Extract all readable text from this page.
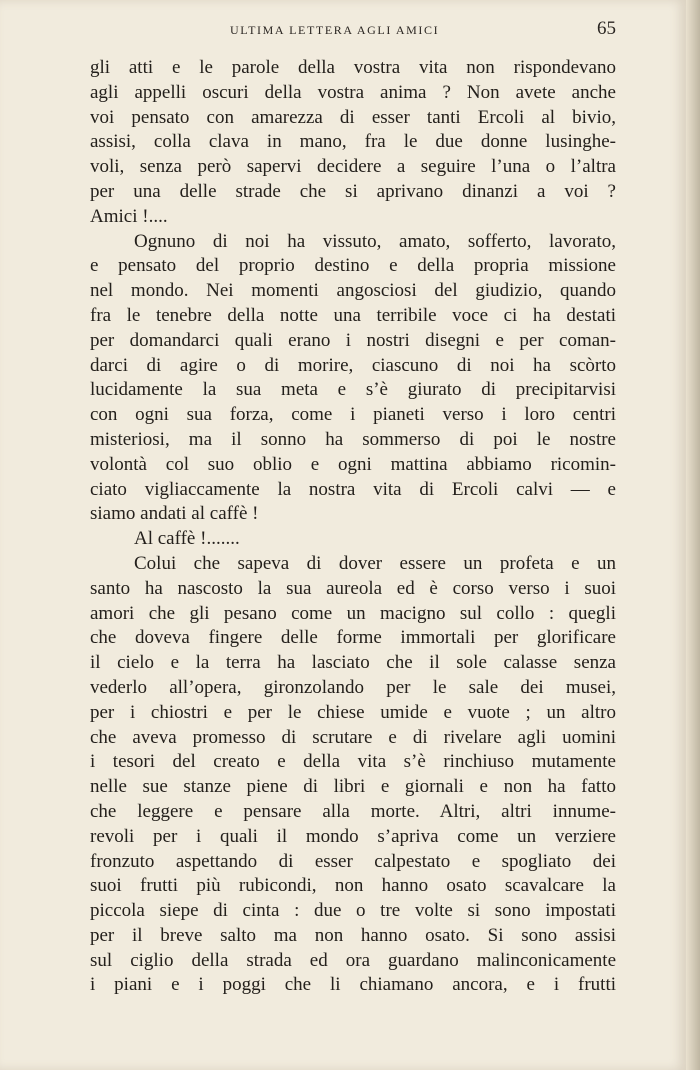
ULTIMA LETTERA AGLI AMICI	65
gli atti e le parole della vostra vita non rispondevano
agli appelli oscuri della vostra anima ? Non avete anche
voi pensato con amarezza di esser tanti Ercoli al bivio,
assisi, colla clava in mano, fra le due donne lusinghe-
voli, senza però sapervi decidere a seguire l’una o l’altra
per una delle strade che si aprivano dinanzi a voi ?
Amici !....
Ognuno di noi ha vissuto, amato, sofferto, lavorato,
e pensato del proprio destino e della propria missione
nel mondo. Nei momenti angosciosi del giudizio, quando
fra le tenebre della notte una terribile voce ci ha destati
per domandarci quali erano i nostri disegni e per coman-
darci di agire o di morire, ciascuno di noi ha scòrto
lucidamente la sua meta e s’è giurato di precipitarvisi
con ogni sua forza, come i pianeti verso i loro centri
misteriosi, ma il sonno ha sommerso di poi le nostre
volontà col suo oblio e ogni mattina abbiamo ricomin-
ciato vigliaccamente la nostra vita di Ercoli calvi — e
siamo andati al caffè !
Al caffè !.......
Colui che sapeva di dover essere un profeta e un
santo ha nascosto la sua aureola ed è corso verso i suoi
amori che gli pesano come un macigno sul collo : quegli
che doveva fingere delle forme immortali per glorificare
il cielo e la terra ha lasciato che il sole calasse senza
vederlo all’opera, gironzolando per le sale dei musei,
per i chiostri e per le chiese umide e vuote ; un altro
che aveva promesso di scrutare e di rivelare agli uomini
i tesori del creato e della vita s’è rinchiuso mutamente
nelle sue stanze piene di libri e giornali e non ha fatto
che leggere e pensare alla morte. Altri, altri innume-
revoli per i quali il mondo s’apriva come un verziere
fronzuto aspettando di esser calpestato e spogliato dei
suoi frutti più rubicondi, non hanno osato scavalcare la
piccola siepe di cinta : due o tre volte si sono impostati
per il breve salto ma non hanno osato. Si sono assisi
sul ciglio della strada ed ora guardano malinconicamente
i piani e i poggi che li chiamano ancora, e i frutti
